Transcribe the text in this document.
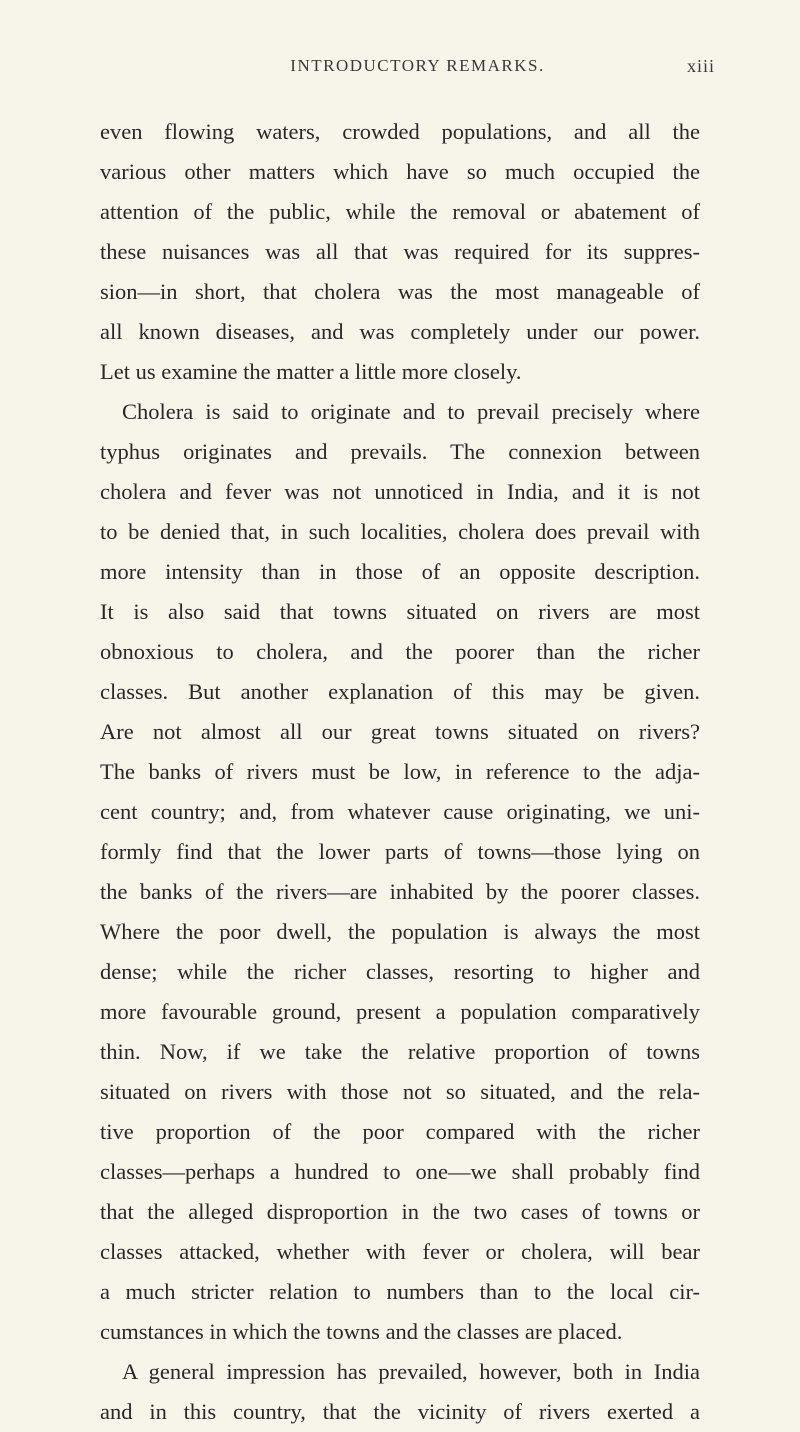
INTRODUCTORY REMARKS.	xiii
even flowing waters, crowded populations, and all the
various other matters which have so much occupied the
attention of the public, while the removal or abatement of
these nuisances was all that was required for its suppres-
sion—in short, that cholera was the most manageable of
all known diseases, and was completely under our power.
Let us examine the matter a little more closely.
Cholera is said to originate and to prevail precisely where
typhus originates and prevails. The connexion between
cholera and fever was not unnoticed in India, and it is not
to be denied that, in such localities, cholera does prevail with
more intensity than in those of an opposite description.
It is also said that towns situated on rivers are most
obnoxious to cholera, and the poorer than the richer
classes. But another explanation of this may be given.
Are not almost all our great towns situated on rivers?
The banks of rivers must be low, in reference to the adja-
cent country; and, from whatever cause originating, we uni-
formly find that the lower parts of towns—those lying on
the banks of the rivers—are inhabited by the poorer classes.
Where the poor dwell, the population is always the most
dense; while the richer classes, resorting to higher and
more favourable ground, present a population comparatively
thin. Now, if we take the relative proportion of towns
situated on rivers with those not so situated, and the rela-
tive proportion of the poor compared with the richer
classes—perhaps a hundred to one—we shall probably find
that the alleged disproportion in the two cases of towns or
classes attacked, whether with fever or cholera, will bear
a much stricter relation to numbers than to the local cir-
cumstances in which the towns and the classes are placed.
A general impression has prevailed, however, both in India
and in this country, that the vicinity of rivers exerted a
